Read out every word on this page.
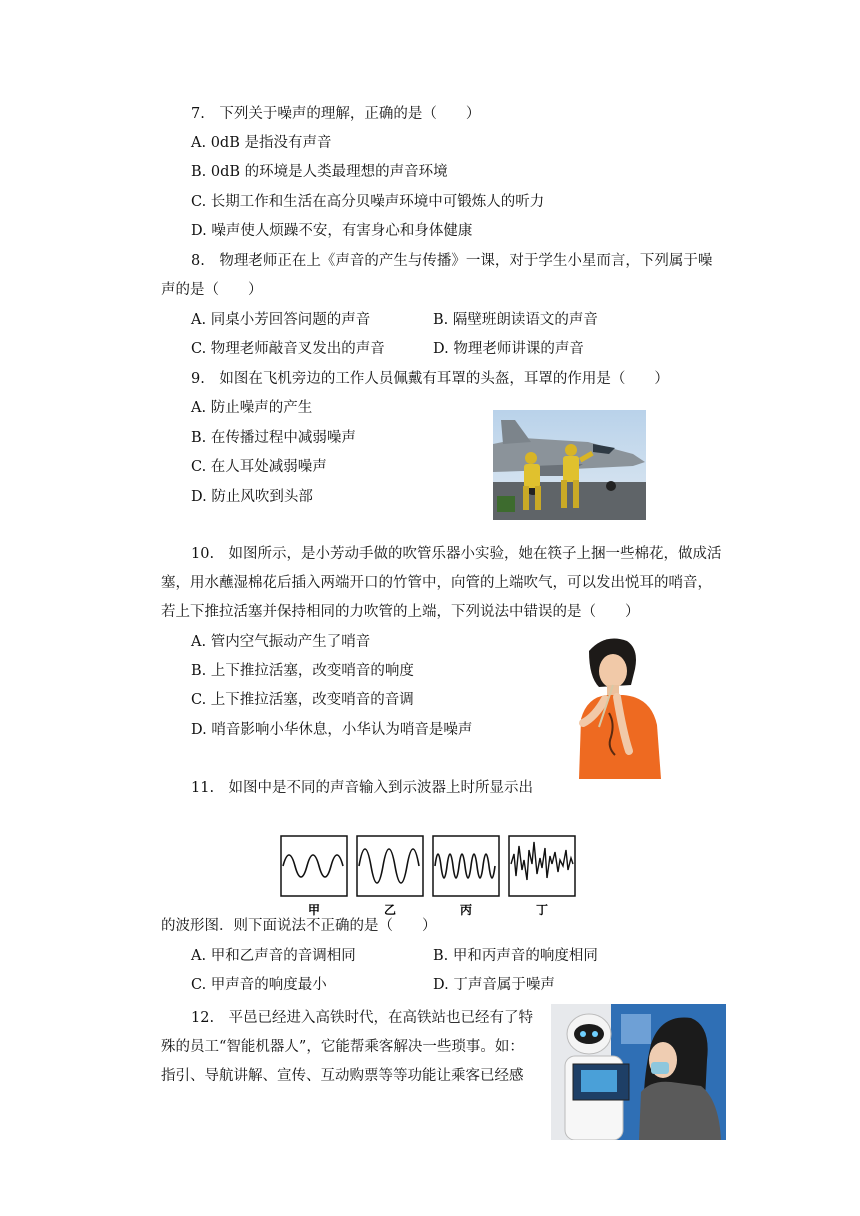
7.　下列关于噪声的理解，正确的是（　　）
A. 0dB 是指没有声音
B. 0dB 的环境是人类最理想的声音环境
C. 长期工作和生活在高分贝噪声环境中可锻炼人的听力
D. 噪声使人烦躁不安，有害身心和身体健康
8.　物理老师正在上《声音的产生与传播》一课，对于学生小星而言，下列属于噪
声的是（　　）
A. 同桌小芳回答问题的声音	B. 隔壁班朗读语文的声音
C. 物理老师敲音叉发出的声音	D. 物理老师讲课的声音
9.　如图在飞机旁边的工作人员佩戴有耳罩的头盔，耳罩的作用是（　　）
A. 防止噪声的产生
B. 在传播过程中减弱噪声
C. 在人耳处减弱噪声
D. 防止风吹到头部
10.　如图所示，是小芳动手做的吹管乐器小实验，她在筷子上捆一些棉花，做成活
塞，用水蘸湿棉花后插入两端开口的竹管中，向管的上端吹气，可以发出悦耳的哨音，
若上下推拉活塞并保持相同的力吹管的上端，下列说法中错误的是（　　）
A. 管内空气振动产生了哨音
B. 上下推拉活塞，改变哨音的响度
C. 上下推拉活塞，改变哨音的音调
D. 哨音影响小华休息，小华认为哨音是噪声
11.　如图中是不同的声音输入到示波器上时所显示出
甲	乙	丙	丁
的波形图．则下面说法不正确的是（　　）
A. 甲和乙声音的音调相同	B. 甲和丙声音的响度相同
C. 甲声音的响度最小	D. 丁声音属于噪声
12.　平邑已经进入高铁时代，在高铁站也已经有了特
殊的员工“智能机器人”，它能帮乘客解决一些琐事。如：
指引、导航讲解、宣传、互动购票等等功能让乘客已经感
